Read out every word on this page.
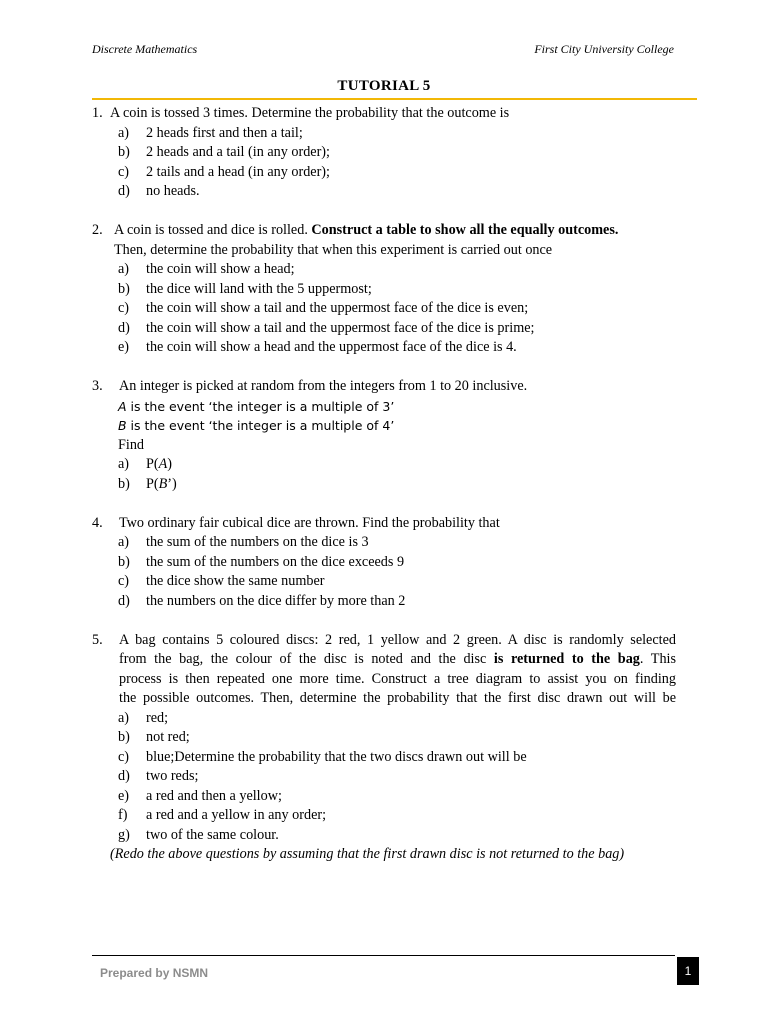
Discrete Mathematics	First City University College
TUTORIAL 5
1. A coin is tossed 3 times. Determine the probability that the outcome is
a) 2 heads first and then a tail;
b) 2 heads and a tail (in any order);
c) 2 tails and a head (in any order);
d) no heads.
2. A coin is tossed and dice is rolled. Construct a table to show all the equally outcomes.
Then, determine the probability that when this experiment is carried out once
a) the coin will show a head;
b) the dice will land with the 5 uppermost;
c) the coin will show a tail and the uppermost face of the dice is even;
d) the coin will show a tail and the uppermost face of the dice is prime;
e) the coin will show a head and the uppermost face of the dice is 4.
3. An integer is picked at random from the integers from 1 to 20 inclusive.
A is the event ‘the integer is a multiple of 3’
B is the event ‘the integer is a multiple of 4’
Find
a) P(A)
b) P(B’)
4. Two ordinary fair cubical dice are thrown. Find the probability that
a) the sum of the numbers on the dice is 3
b) the sum of the numbers on the dice exceeds 9
c) the dice show the same number
d) the numbers on the dice differ by more than 2
5. A bag contains 5 coloured discs: 2 red, 1 yellow and 2 green. A disc is randomly selected
from the bag, the colour of the disc is noted and the disc is returned to the bag. This
process is then repeated one more time. Construct a tree diagram to assist you on finding
the possible outcomes. Then, determine the probability that the first disc drawn out will be
a) red;
b) not red;
c) blue;Determine the probability that the two discs drawn out will be
d) two reds;
e) a red and then a yellow;
f) a red and a yellow in any order;
g) two of the same colour.
(Redo the above questions by assuming that the first drawn disc is not returned to the bag)
Prepared by NSMN	1
